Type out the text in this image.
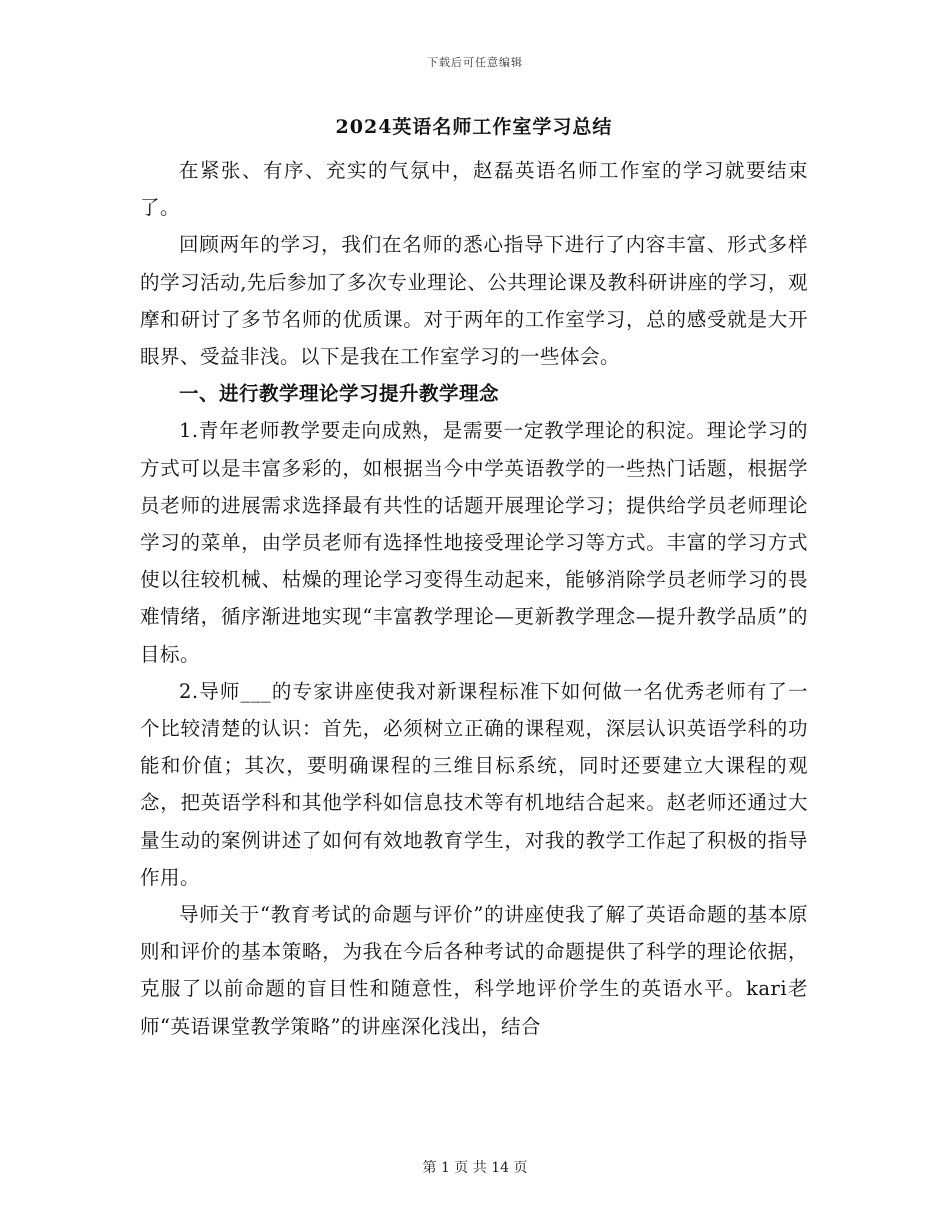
下载后可任意编辑
2024英语名师工作室学习总结

在紧张、有序、充实的气氛中，赵磊英语名师工作室的学习就要结束了。

回顾两年的学习，我们在名师的悉心指导下进行了内容丰富、形式多样的学习活动,先后参加了多次专业理论、公共理论课及教科研讲座的学习，观摩和研讨了多节名师的优质课。对于两年的工作室学习，总的感受就是大开眼界、受益非浅。以下是我在工作室学习的一些体会。

一、进行教学理论学习提升教学理念

1.青年老师教学要走向成熟，是需要一定教学理论的积淀。理论学习的方式可以是丰富多彩的，如根据当今中学英语教学的一些热门话题，根据学员老师的进展需求选择最有共性的话题开展理论学习；提供给学员老师理论学习的菜单，由学员老师有选择性地接受理论学习等方式。丰富的学习方式使以往较机械、枯燥的理论学习变得生动起来，能够消除学员老师学习的畏难情绪，循序渐进地实现“丰富教学理论—更新教学理念—提升教学品质”的目标。

2.导师___的专家讲座使我对新课程标准下如何做一名优秀老师有了一个比较清楚的认识：首先，必须树立正确的课程观，深层认识英语学科的功能和价值；其次，要明确课程的三维目标系统，同时还要建立大课程的观念，把英语学科和其他学科如信息技术等有机地结合起来。赵老师还通过大量生动的案例讲述了如何有效地教育学生，对我的教学工作起了积极的指导作用。

导师关于“教育考试的命题与评价”的讲座使我了解了英语命题的基本原则和评价的基本策略，为我在今后各种考试的命题提供了科学的理论依据，克服了以前命题的盲目性和随意性，科学地评价学生的英语水平。kari老师“英语课堂教学策略”的讲座深化浅出，结合

第 1 页 共 14 页
